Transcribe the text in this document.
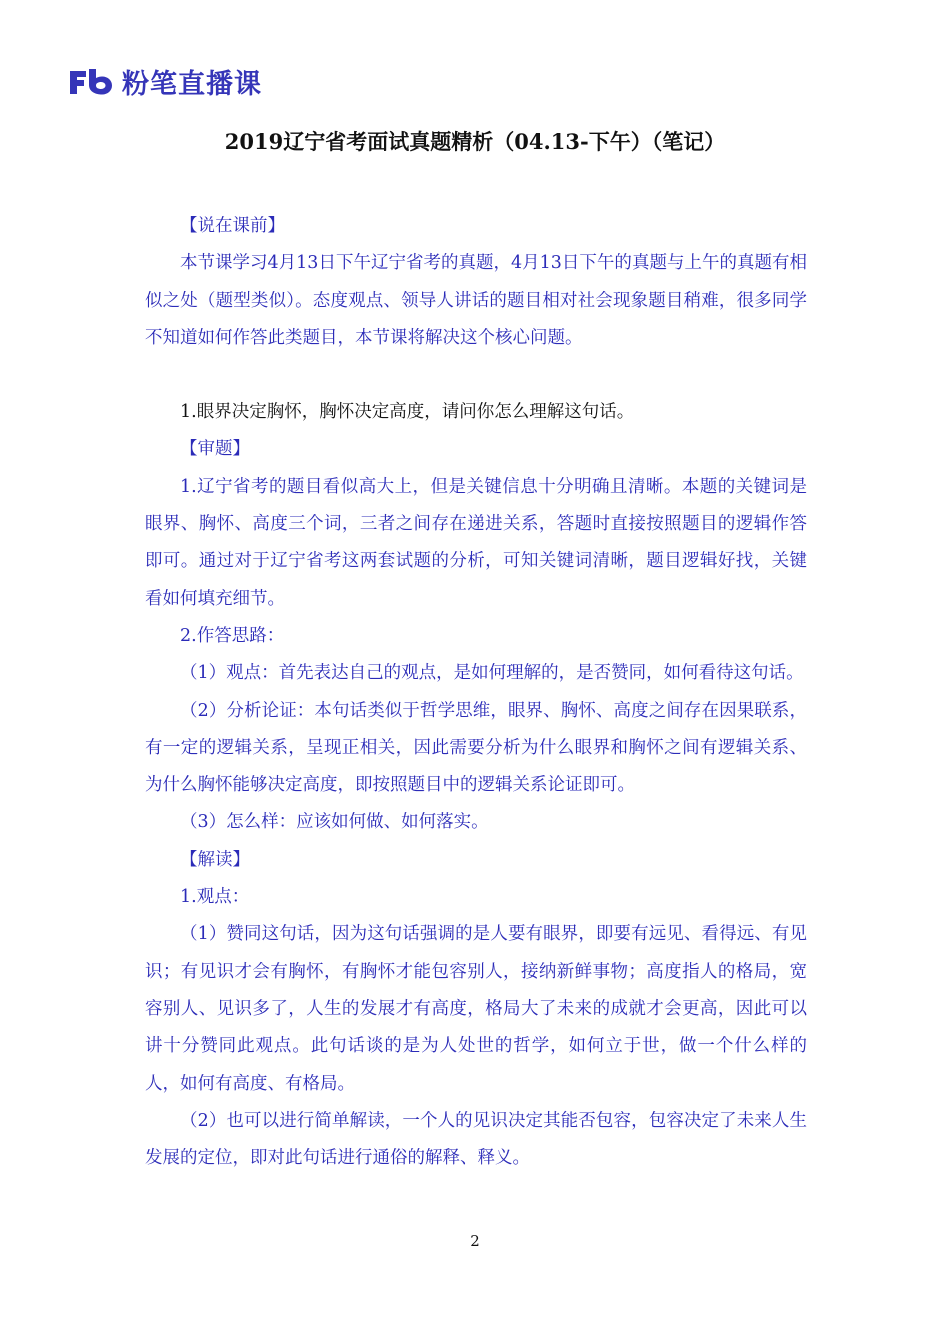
粉笔直播课
2019辽宁省考面试真题精析（04.13-下午）（笔记）

【说在课前】

本节课学习4月13日下午辽宁省考的真题，4月13日下午的真题与上午的真题有相似之处（题型类似）。态度观点、领导人讲话的题目相对社会现象题目稍难，很多同学不知道如何作答此类题目，本节课将解决这个核心问题。

1.眼界决定胸怀，胸怀决定高度，请问你怎么理解这句话。

【审题】

1.辽宁省考的题目看似高大上，但是关键信息十分明确且清晰。本题的关键词是眼界、胸怀、高度三个词，三者之间存在递进关系，答题时直接按照题目的逻辑作答即可。通过对于辽宁省考这两套试题的分析，可知关键词清晰，题目逻辑好找，关键看如何填充细节。

2.作答思路：

（1）观点：首先表达自己的观点，是如何理解的，是否赞同，如何看待这句话。

（2）分析论证：本句话类似于哲学思维，眼界、胸怀、高度之间存在因果联系，有一定的逻辑关系，呈现正相关，因此需要分析为什么眼界和胸怀之间有逻辑关系、为什么胸怀能够决定高度，即按照题目中的逻辑关系论证即可。

（3）怎么样：应该如何做、如何落实。

【解读】

1.观点：

（1）赞同这句话，因为这句话强调的是人要有眼界，即要有远见、看得远、有见识；有见识才会有胸怀，有胸怀才能包容别人，接纳新鲜事物；高度指人的格局，宽容别人、见识多了，人生的发展才有高度，格局大了未来的成就才会更高，因此可以讲十分赞同此观点。此句话谈的是为人处世的哲学，如何立于世，做一个什么样的人，如何有高度、有格局。

（2）也可以进行简单解读，一个人的见识决定其能否包容，包容决定了未来人生发展的定位，即对此句话进行通俗的解释、释义。

2
